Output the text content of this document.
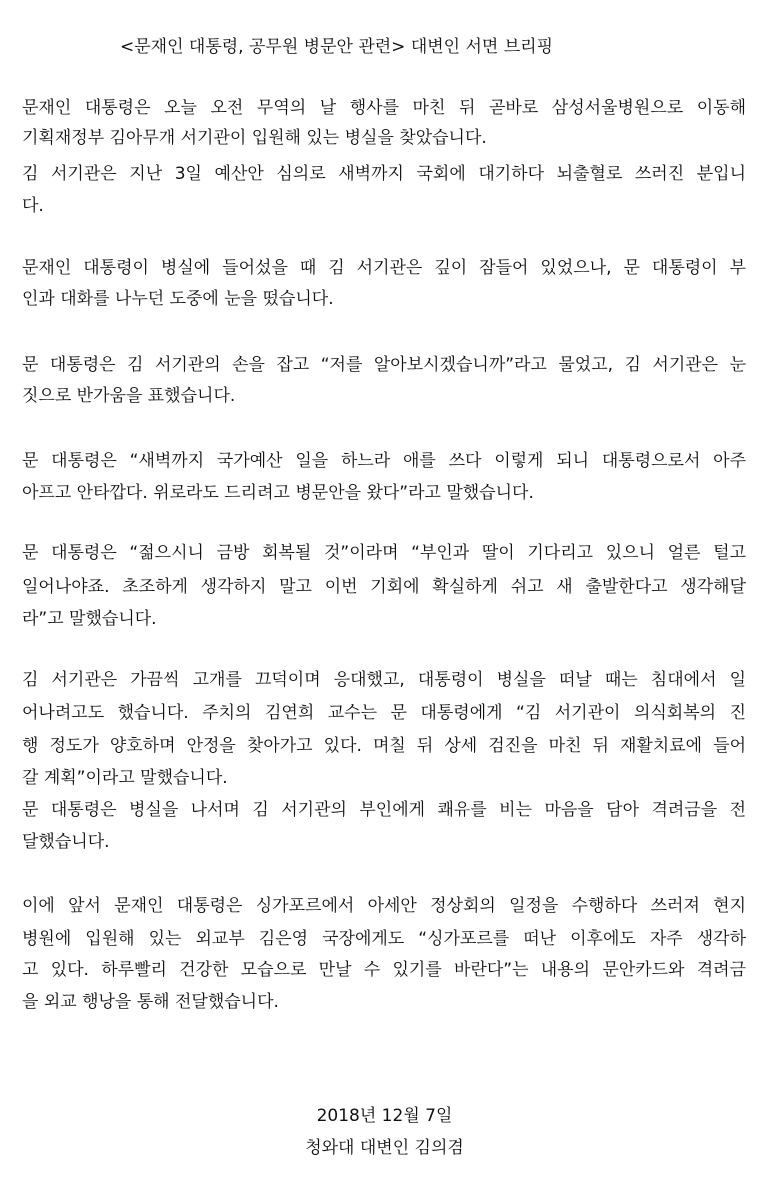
<문재인 대통령, 공무원 병문안 관련> 대변인 서면 브리핑
문재인 대통령은 오늘 오전 무역의 날 행사를 마친 뒤 곧바로 삼성서울병원으로 이동해
기획재정부 김아무개 서기관이 입원해 있는 병실을 찾았습니다.
김 서기관은 지난 3일 예산안 심의로 새벽까지 국회에 대기하다 뇌출혈로 쓰러진 분입니
다.
문재인 대통령이 병실에 들어섰을 때 김 서기관은 깊이 잠들어 있었으나, 문 대통령이 부
인과 대화를 나누던 도중에 눈을 떴습니다.
문 대통령은 김 서기관의 손을 잡고 “저를 알아보시겠습니까”라고 물었고, 김 서기관은 눈
짓으로 반가움을 표했습니다.
문 대통령은 “새벽까지 국가예산 일을 하느라 애를 쓰다 이렇게 되니 대통령으로서 아주
아프고 안타깝다. 위로라도 드리려고 병문안을 왔다”라고 말했습니다.
문 대통령은 “젊으시니 금방 회복될 것”이라며 “부인과 딸이 기다리고 있으니 얼른 털고
일어나야죠. 초조하게 생각하지 말고 이번 기회에 확실하게 쉬고 새 출발한다고 생각해달
라”고 말했습니다.
김 서기관은 가끔씩 고개를 끄덕이며 응대했고, 대통령이 병실을 떠날 때는 침대에서 일
어나려고도 했습니다. 주치의 김연희 교수는 문 대통령에게 “김 서기관이 의식회복의 진
행 정도가 양호하며 안정을 찾아가고 있다. 며칠 뒤 상세 검진을 마친 뒤 재활치료에 들어
갈 계획”이라고 말했습니다.
문 대통령은 병실을 나서며 김 서기관의 부인에게 쾌유를 비는 마음을 담아 격려금을 전
달했습니다.
이에 앞서 문재인 대통령은 싱가포르에서 아세안 정상회의 일정을 수행하다 쓰러져 현지
병원에 입원해 있는 외교부 김은영 국장에게도 “싱가포르를 떠난 이후에도 자주 생각하
고 있다. 하루빨리 건강한 모습으로 만날 수 있기를 바란다”는 내용의 문안카드와 격려금
을 외교 행낭을 통해 전달했습니다.
2018년 12월 7일
청와대 대변인 김의겸
